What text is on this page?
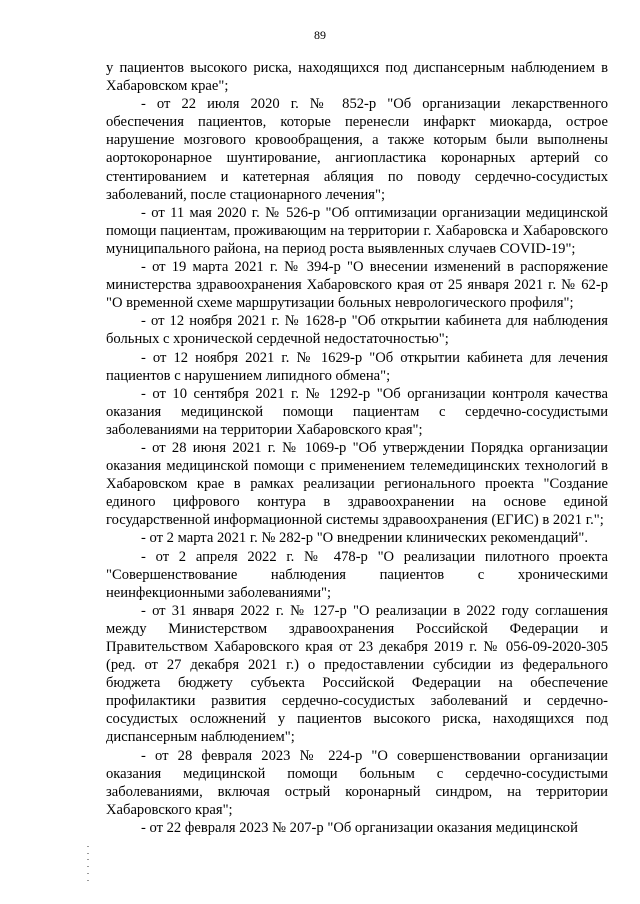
89

у пациентов высокого риска, находящихся под диспансерным наблюдением в Хабаровском крае";

- от 22 июля 2020 г. № 852-р "Об организации лекарственного обеспечения пациентов, которые перенесли инфаркт миокарда, острое нарушение мозгового кровообращения, а также которым были выполнены аортокоронарное шунтирование, ангиопластика коронарных артерий со стентированием и катетерная абляция по поводу сердечно-сосудистых заболеваний, после стационарного лечения";

- от 11 мая 2020 г. № 526-р "Об оптимизации организации медицинской помощи пациентам, проживающим на территории г. Хабаровска и Хабаровского муниципального района, на период роста выявленных случаев COVID-19";

- от 19 марта 2021 г. № 394-р "О внесении изменений в распоряжение министерства здравоохранения Хабаровского края от 25 января 2021 г. № 62-р "О временной схеме маршрутизации больных неврологического профиля";

- от 12 ноября 2021 г. № 1628-р "Об открытии кабинета для наблюдения больных с хронической сердечной недостаточностью";

- от 12 ноября 2021 г. № 1629-р "Об открытии кабинета для лечения пациентов с нарушением липидного обмена";

- от 10 сентября 2021 г. № 1292-р "Об организации контроля качества оказания медицинской помощи пациентам с сердечно-сосудистыми заболеваниями на территории Хабаровского края";

- от 28 июня 2021 г. № 1069-р "Об утверждении Порядка организации оказания медицинской помощи с применением телемедицинских технологий в Хабаровском крае в рамках реализации регионального проекта "Создание единого цифрового контура в здравоохранении на основе единой государственной информационной системы здравоохранения (ЕГИС) в 2021 г.";

- от 2 марта 2021 г. № 282-р "О внедрении клинических рекомендаций".

- от 2 апреля 2022 г. № 478-р "О реализации пилотного проекта "Совершенствование наблюдения пациентов с хроническими неинфекционными заболеваниями";

- от 31 января 2022 г. № 127-р "О реализации в 2022 году соглашения между Министерством здравоохранения Российской Федерации и Правительством Хабаровского края от 23 декабря 2019 г. № 056-09-2020-305 (ред. от 27 декабря 2021 г.) о предоставлении субсидии из федерального бюджета бюджету субъекта Российской Федерации на обеспечение профилактики развития сердечно-сосудистых заболеваний и сердечно-сосудистых осложнений у пациентов высокого риска, находящихся под диспансерным наблюдением";

- от 28 февраля 2023 № 224-р "О совершенствовании организации оказания медицинской помощи больным с сердечно-сосудистыми заболеваниями, включая острый коронарный синдром, на территории Хабаровского края";

- от 22 февраля 2023 № 207-р "Об организации оказания медицинской
